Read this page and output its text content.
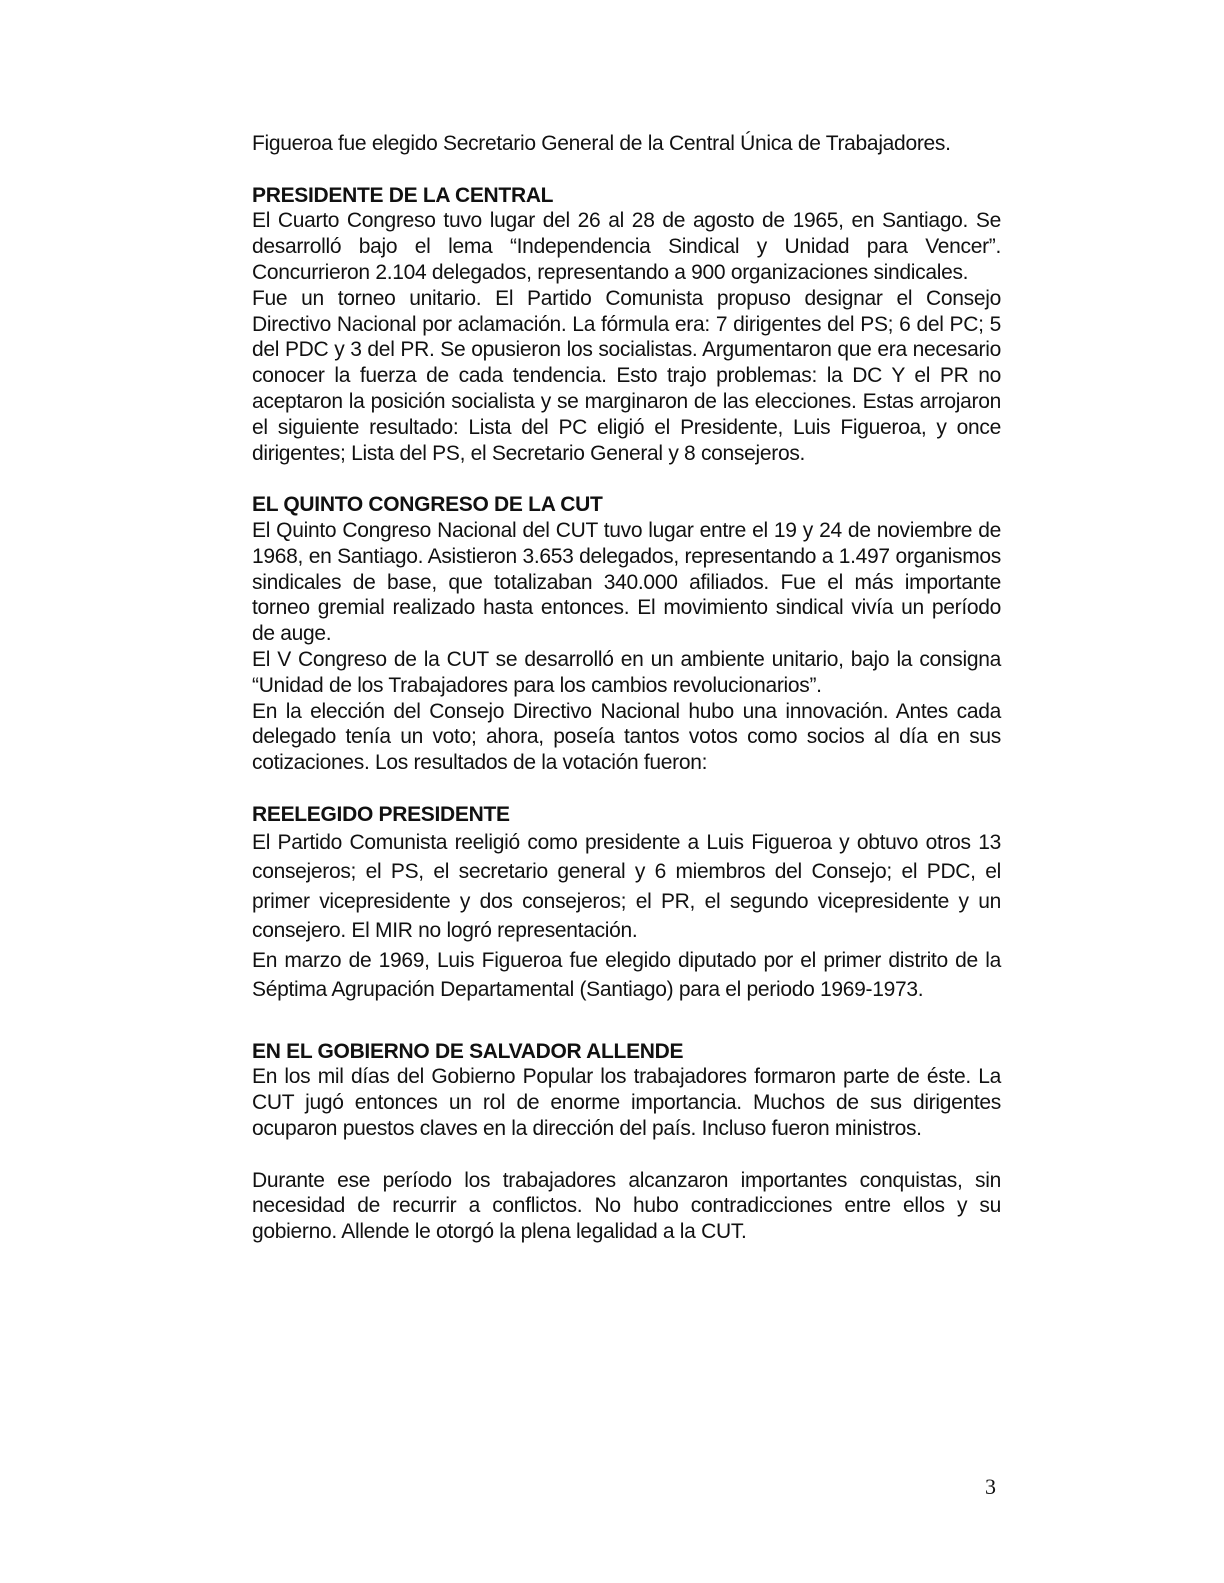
Figueroa fue elegido Secretario General de la Central Única de Trabajadores.

PRESIDENTE DE LA CENTRAL

El Cuarto Congreso tuvo lugar del 26 al 28 de agosto de 1965, en Santiago. Se desarrolló bajo el lema “Independencia Sindical y Unidad para Vencer”. Concurrieron 2.104 delegados, representando a 900 organizaciones sindicales.

Fue un torneo unitario. El Partido Comunista propuso designar el Consejo Directivo Nacional por aclamación. La fórmula era: 7 dirigentes del PS; 6 del PC; 5 del PDC y 3 del PR. Se opusieron los socialistas. Argumentaron que era necesario conocer la fuerza de cada tendencia. Esto trajo problemas: la DC Y el PR no aceptaron la posición socialista y se marginaron de las elecciones. Estas arrojaron el siguiente resultado: Lista del PC eligió el Presidente, Luis Figueroa, y once dirigentes; Lista del PS, el Secretario General y 8 consejeros.

EL QUINTO CONGRESO DE LA CUT

El Quinto Congreso Nacional del CUT tuvo lugar entre el 19 y 24 de noviembre de 1968, en Santiago. Asistieron 3.653 delegados, representando a 1.497 organismos sindicales de base, que totalizaban 340.000 afiliados. Fue el más importante torneo gremial realizado hasta entonces. El movimiento sindical vivía un período de auge.

El V Congreso de la CUT se desarrolló en un ambiente unitario, bajo la consigna “Unidad de los Trabajadores para los cambios revolucionarios”.

En la elección del Consejo Directivo Nacional hubo una innovación. Antes cada delegado tenía un voto; ahora, poseía tantos votos como socios al día en sus cotizaciones. Los resultados de la votación fueron:

REELEGIDO PRESIDENTE

El Partido Comunista reeligió como presidente a Luis Figueroa y obtuvo otros 13 consejeros; el PS, el secretario general y 6 miembros del Consejo; el PDC, el primer vicepresidente y dos consejeros; el PR, el segundo vicepresidente y un consejero. El MIR no logró representación.

En marzo de 1969, Luis Figueroa fue elegido diputado por el primer distrito de la Séptima Agrupación Departamental (Santiago) para el periodo 1969-1973.

EN EL GOBIERNO DE SALVADOR ALLENDE

En los mil días del Gobierno Popular los trabajadores formaron parte de éste. La CUT jugó entonces un rol de enorme importancia. Muchos de sus dirigentes ocuparon puestos claves en la dirección del país. Incluso fueron ministros.

Durante ese período los trabajadores alcanzaron importantes conquistas, sin necesidad de recurrir a conflictos. No hubo contradicciones entre ellos y su gobierno. Allende le otorgó la plena legalidad a la CUT.

3
